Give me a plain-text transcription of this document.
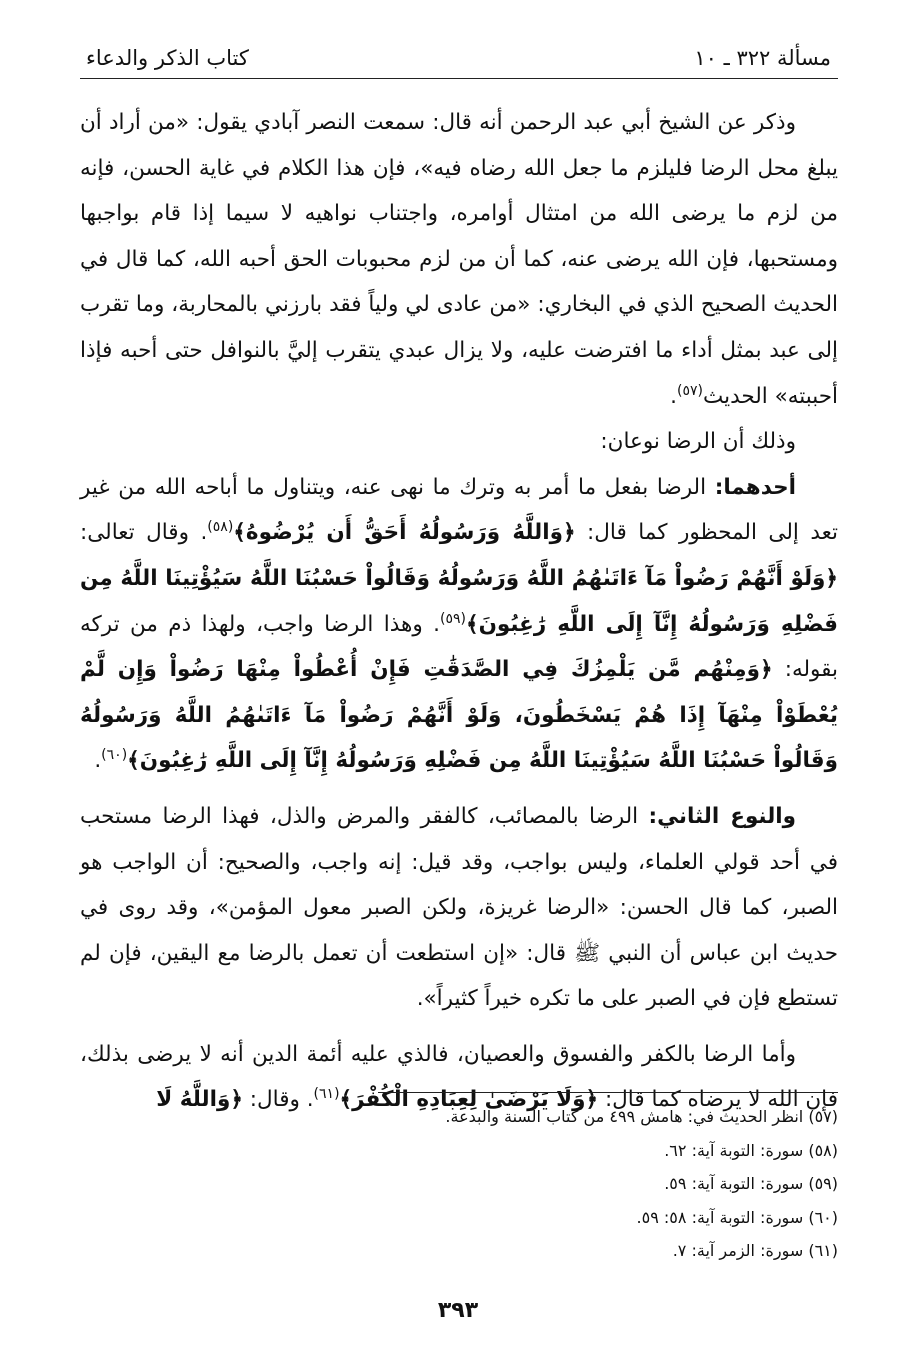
كتاب الذكر والدعاء	مسألة ٣٢٢ ـ ١٠

وذكر عن الشيخ أبي عبد الرحمن أنه قال: سمعت النصر آبادي يقول: «من أراد أن يبلغ محل الرضا فليلزم ما جعل الله رضاه فيه»، فإن هذا الكلام في غاية الحسن، فإنه من لزم ما يرضى الله من امتثال أوامره، واجتناب نواهيه لا سيما إذا قام بواجبها ومستحبها، فإن الله يرضى عنه، كما أن من لزم محبوبات الحق أحبه الله، كما قال في الحديث الصحيح الذي في البخاري: «من عادى لي ولياً فقد بارزني بالمحاربة، وما تقرب إلى عبد بمثل أداء ما افترضت عليه، ولا يزال عبدي يتقرب إليَّ بالنوافل حتى أحبه فإذا أحببته» الحديث$^{(٥٧)}$.

وذلك أن الرضا نوعان:

أحدهما: الرضا بفعل ما أمر به وترك ما نهى عنه، ويتناول ما أباحه الله من غير تعد إلى المحظور كما قال: ﴿وَاللَّهُ وَرَسُولُهُ أَحَقُّ أَن يُرْضُوهُ﴾$^{(٥٨)}$. وقال تعالى: ﴿وَلَوْ أَنَّهُمْ رَضُواْ مَآ ءَاتَىٰهُمُ اللَّهُ وَرَسُولُهُ وَقَالُواْ حَسْبُنَا اللَّهُ سَيُؤْتِينَا اللَّهُ مِن فَضْلِهِ وَرَسُولُهُ إِنَّآ إِلَى اللَّهِ رَٰغِبُونَ﴾$^{(٥٩)}$. وهذا الرضا واجب، ولهذا ذم من تركه بقوله: ﴿وَمِنْهُم مَّن يَلْمِزُكَ فِي الصَّدَقَٰتِ فَإِنْ أُعْطُواْ مِنْهَا رَضُواْ وَإِن لَّمْ يُعْطَوْاْ مِنْهَآ إِذَا هُمْ يَسْخَطُونَ، وَلَوْ أَنَّهُمْ رَضُواْ مَآ ءَاتَىٰهُمُ اللَّهُ وَرَسُولُهُ وَقَالُواْ حَسْبُنَا اللَّهُ سَيُؤْتِينَا اللَّهُ مِن فَضْلِهِ وَرَسُولُهُ إِنَّآ إِلَى اللَّهِ رَٰغِبُونَ﴾$^{(٦٠)}$.

والنوع الثاني: الرضا بالمصائب، كالفقر والمرض والذل، فهذا الرضا مستحب في أحد قولي العلماء، وليس بواجب، وقد قيل: إنه واجب، والصحيح: أن الواجب هو الصبر، كما قال الحسن: «الرضا غريزة، ولكن الصبر معول المؤمن»، وقد روى في حديث ابن عباس أن النبي ﷺ قال: «إن استطعت أن تعمل بالرضا مع اليقين، فإن لم تستطع فإن في الصبر على ما تكره خيراً كثيراً».

وأما الرضا بالكفر والفسوق والعصيان، فالذي عليه أئمة الدين أنه لا يرضى بذلك، فإن الله لا يرضاه كما قال: ﴿وَلَا يَرْضَىٰ لِعِبَادِهِ الْكُفْرَ﴾$^{(٦١)}$. وقال: ﴿وَاللَّهُ لَا

(٥٧) انظر الحديث في: هامش ٤٩٩ من كتاب السنة والبدعة.
(٥٨) سورة: التوبة آية: ٦٢.
(٥٩) سورة: التوبة آية: ٥٩.
(٦٠) سورة: التوبة آية: ٥٨: ٥٩.
(٦١) سورة: الزمر آية: ٧.
٣٩٣
